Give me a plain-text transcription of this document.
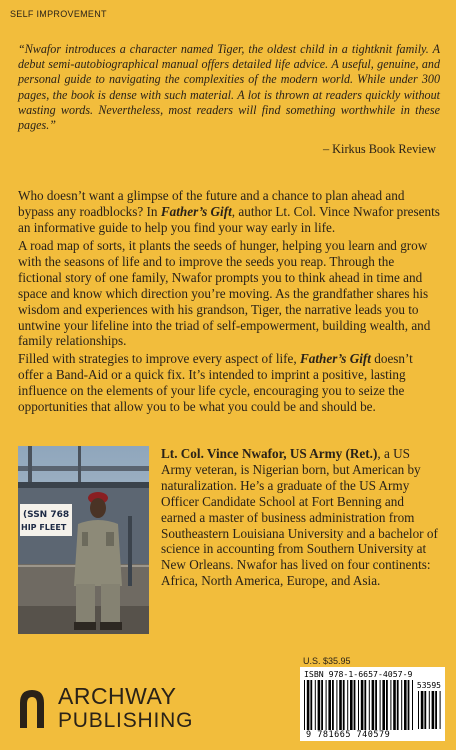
SELF IMPROVEMENT

“Nwafor introduces a character named Tiger, the oldest child in a tightknit family. A debut semi-autobiographical manual offers detailed life advice. A useful, genuine, and personal guide to navigating the complexities of the modern world. While under 300 pages, the book is dense with such material. A lot is thrown at readers quickly without wasting words. Nevertheless, most readers will find something worthwhile in these pages.”

– Kirkus Book Review

Who doesn’t want a glimpse of the future and a chance to plan ahead and bypass any roadblocks? In Father’s Gift, author Lt. Col. Vince Nwafor presents an informative guide to help you find your way early in life.

A road map of sorts, it plants the seeds of hunger, helping you learn and grow with the seasons of life and to improve the seeds you reap. Through the fictional story of one family, Nwafor prompts you to think ahead in time and space and know which direction you’re moving. As the grandfather shares his wisdom and experiences with his grandson, Tiger, the narrative leads you to untwine your lifeline into the triad of self-empowerment, building wealth, and family relationships.

Filled with strategies to improve every aspect of life, Father’s Gift doesn’t offer a Band-Aid or a quick fix. It’s intended to imprint a positive, lasting influence on the elements of your life cycle, encouraging you to seize the opportunities that allow you to be what you could be and should be.

(SSN 768
HIP FLEET

Lt. Col. Vince Nwafor, US Army (Ret.), a US Army veteran, is Nigerian born, but American by naturalization. He’s a graduate of the US Army Officer Candidate School at Fort Benning and earned a master of business administration from Southeastern Louisiana University and a bachelor of science in accounting from Southern University at New Orleans. Nwafor has lived on four continents: Africa, North America, Europe, and Asia.

U.S. $35.95
ARCHWAY
PUBLISHING
ISBN 978-1-6657-4057-9
53595
9 781665 740579
